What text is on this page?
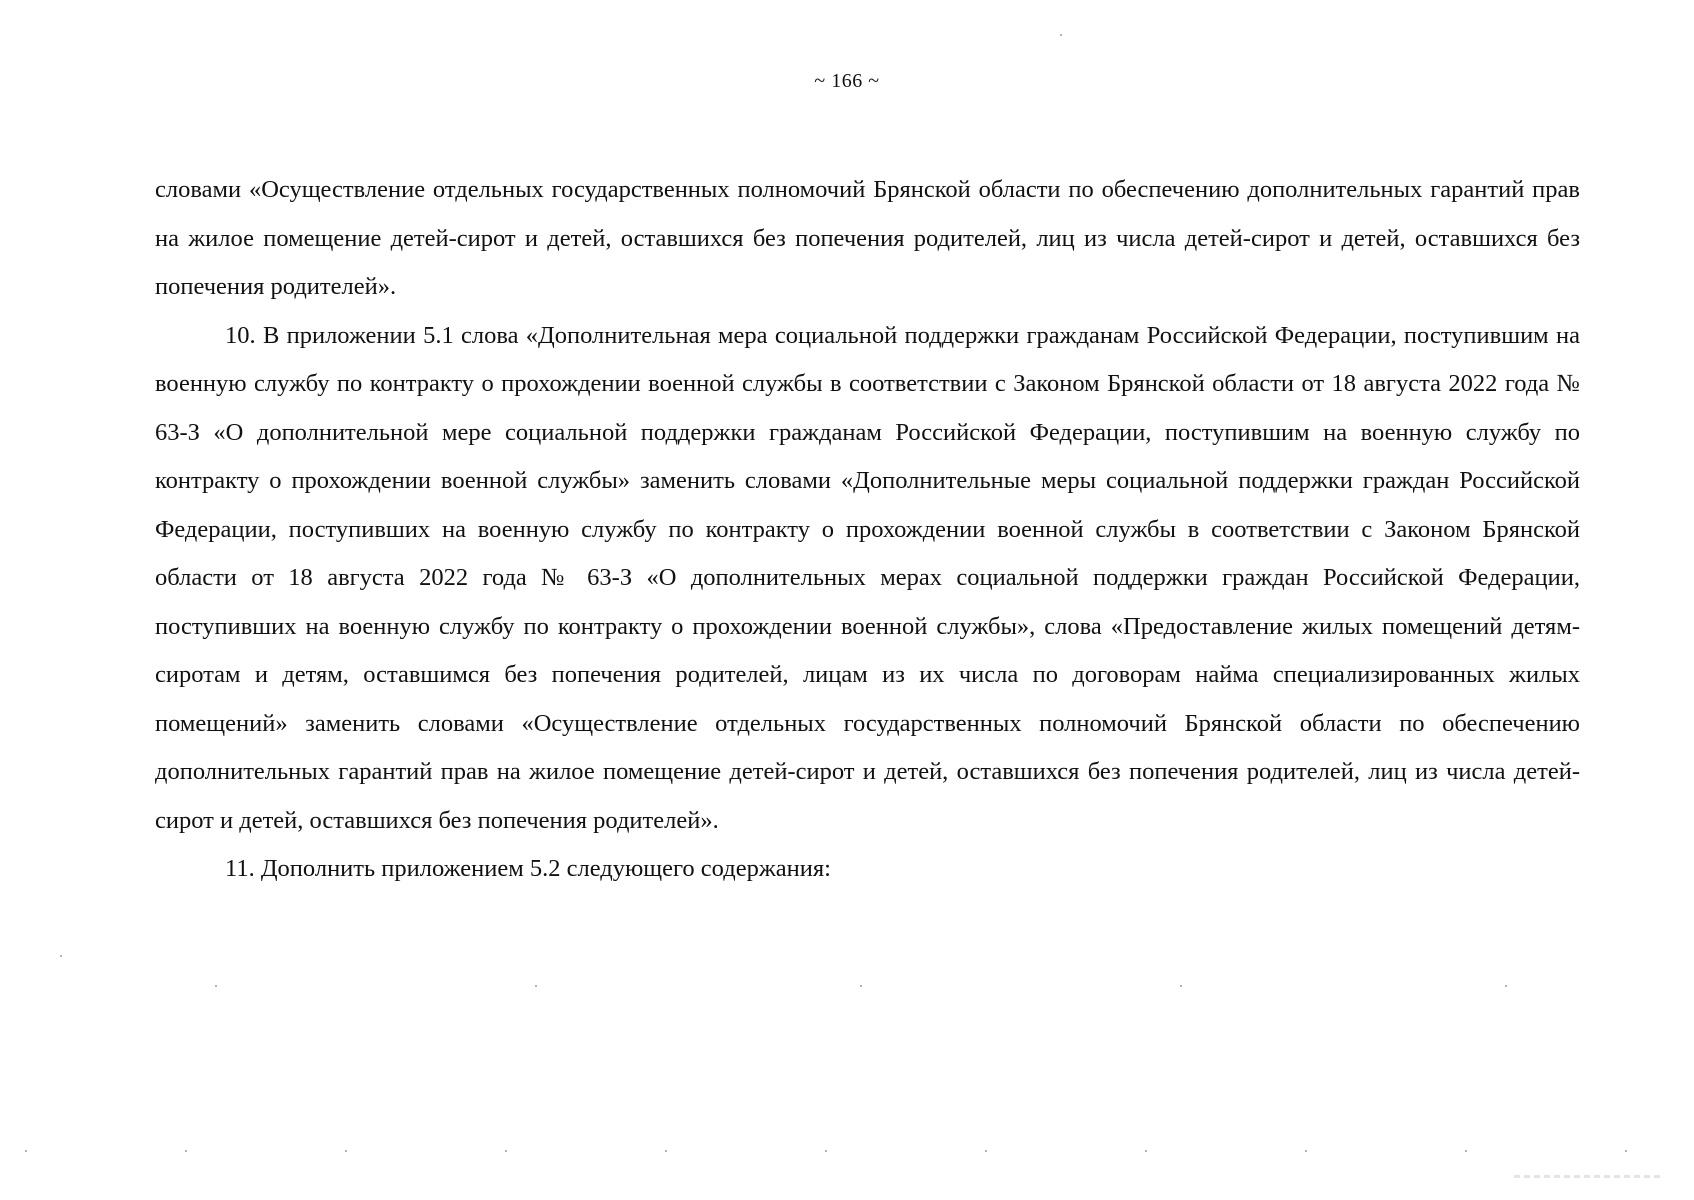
~ 166 ~

словами «Осуществление отдельных государственных полномочий Брянской области по обеспечению дополнительных гарантий прав на жилое помещение детей-сирот и детей, оставшихся без попечения родителей, лиц из числа детей-сирот и детей, оставшихся без попечения родителей».

10. В приложении 5.1 слова «Дополнительная мера социальной поддержки гражданам Российской Федерации, поступившим на военную службу по контракту о прохождении военной службы в соответствии с Законом Брянской области от 18 августа 2022 года № 63-З «О дополнительной мере социальной поддержки гражданам Российской Федерации, поступившим на военную службу по контракту о прохождении военной службы» заменить словами «Дополнительные меры социальной поддержки граждан Российской Федерации, поступивших на военную службу по контракту о прохождении военной службы в соответствии с Законом Брянской области от 18 августа 2022 года № 63-З «О дополнительных мерах социальной поддержки граждан Российской Федерации, поступивших на военную службу по контракту о прохождении военной службы», слова «Предоставление жилых помещений детям-сиротам и детям, оставшимся без попечения родителей, лицам из их числа по договорам найма специализированных жилых помещений» заменить словами «Осуществление отдельных государственных полномочий Брянской области по обеспечению дополнительных гарантий прав на жилое помещение детей-сирот и детей, оставшихся без попечения родителей, лиц из числа детей-сирот и детей, оставшихся без попечения родителей».

11. Дополнить приложением 5.2 следующего содержания:
